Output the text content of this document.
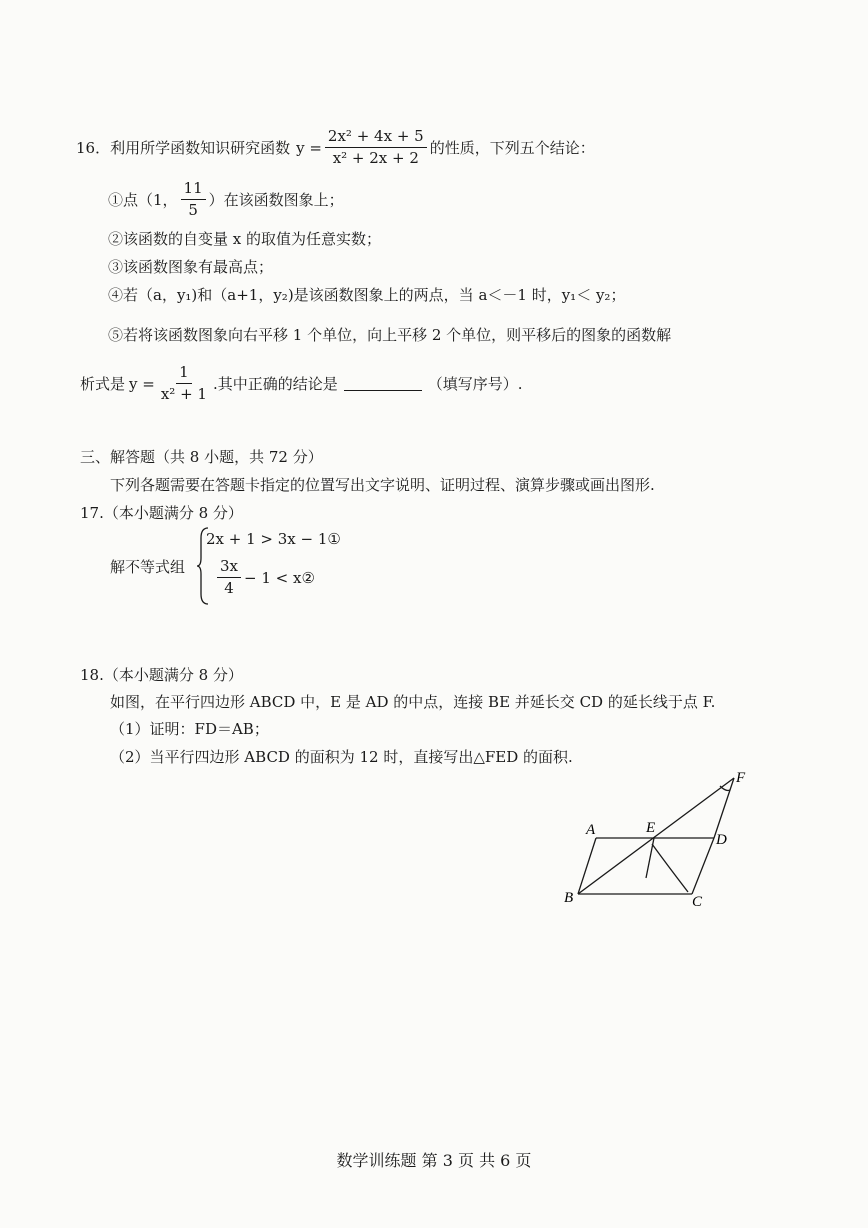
16． 利用所学函数知识研究函数 $y = \frac{\text{2x² + 4x + 5}}{\text{x² + 2x + 2}}$ 的性质，下列五个结论：
①点（1， $\frac{11}{5}$ ）在该函数图象上；
②该函数的自变量 x 的取值为任意实数；
③该函数图象有最高点；
④若（a，y₁)和（a+1，y₂)是该函数图象上的两点，当 a＜－1 时，y₁＜ y₂；
⑤若将该函数图象向右平移 1 个单位，向上平移 2 个单位，则平移后的图象的函数解
析式是 $y = \frac{1}{\text{x² + 1}}$ .其中正确的结论是	（填写序号）.
三、解答题（共 8 小题，共 72 分）
下列各题需要在答题卡指定的位置写出文字说明、证明过程、演算步骤或画出图形.
17.（本小题满分 8 分）
解不等式组
2x + 1 > 3x − 1①
$\frac{3x}{4} - 1$ < x②
18.（本小题满分 8 分）
如图，在平行四边形 ABCD 中，E 是 AD 的中点，连接 BE 并延长交 CD 的延长线于点 F.
（1）证明：FD＝AB；
（2）当平行四边形 ABCD 的面积为 12 时，直接写出△FED 的面积.
A
B	C
D
E
F
数学训练题 第 3 页 共 6 页
